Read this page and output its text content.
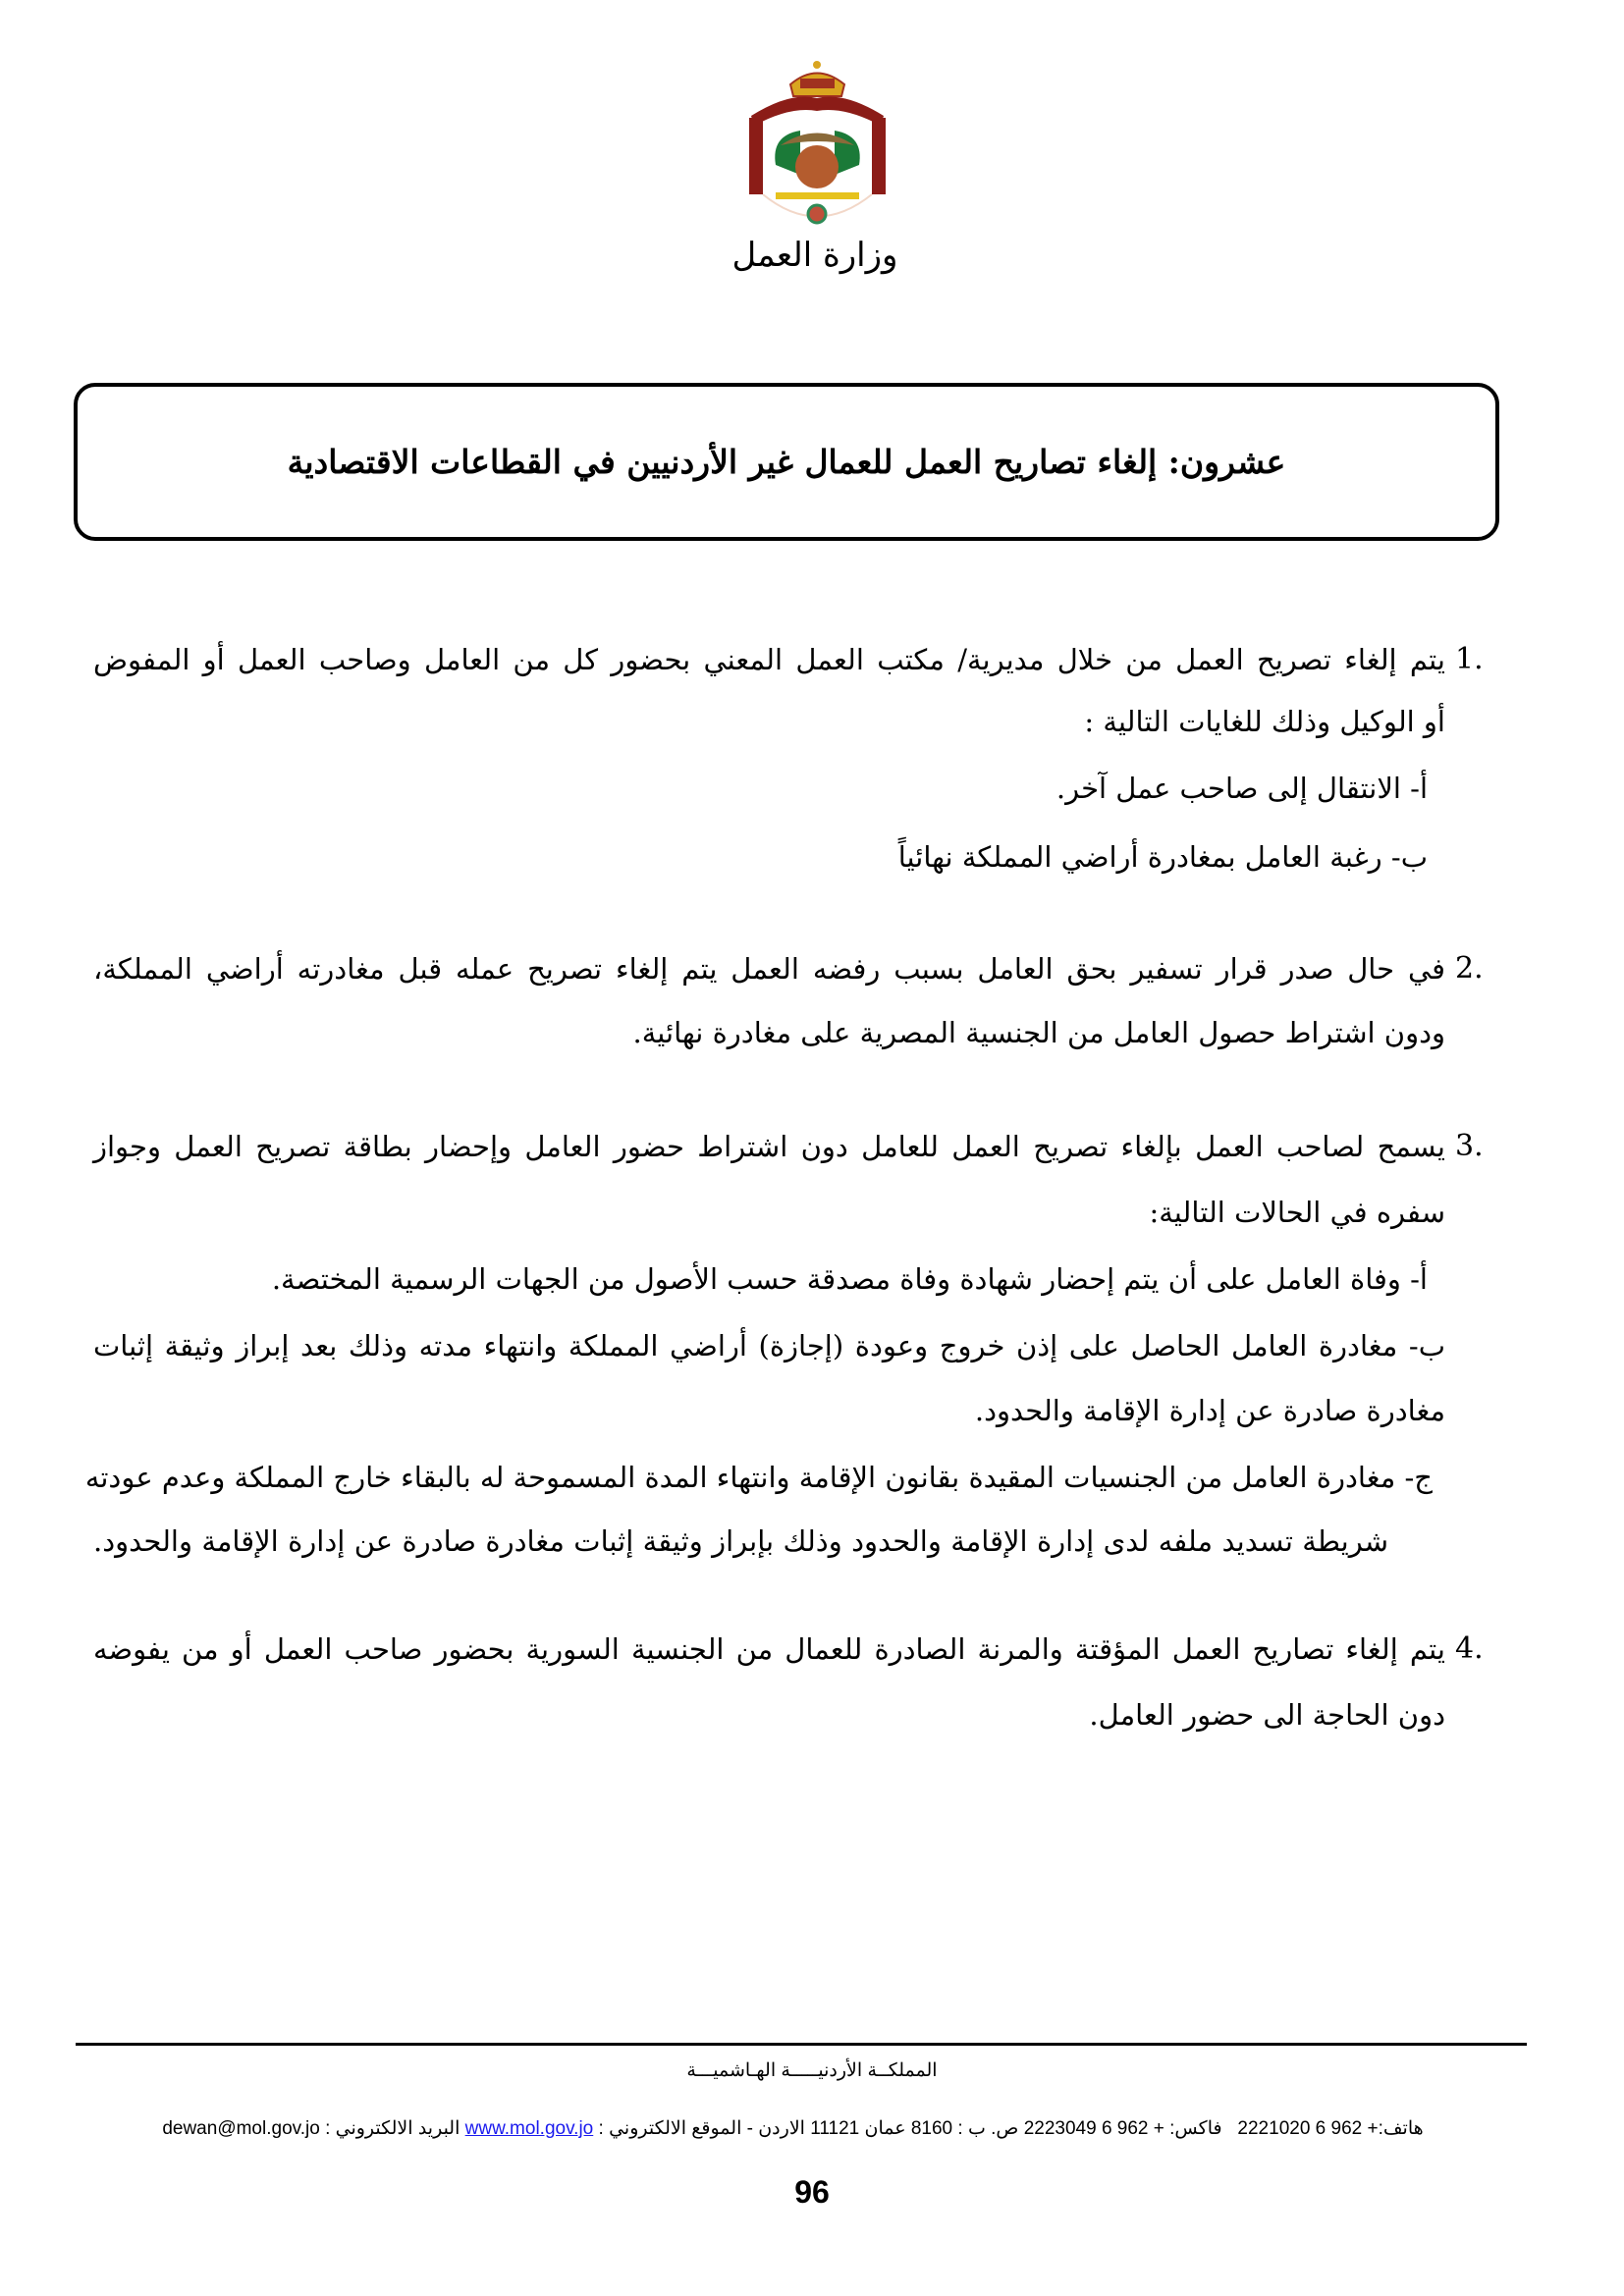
وزارة العمل
عشرون: إلغاء تصاريح العمل للعمال غير الأردنيين في القطاعات الاقتصادية
1.
يتم إلغاء تصريح العمل من خلال مديرية/ مكتب العمل المعني بحضور كل من العامل وصاحب العمل أو المفوض
أو الوكيل وذلك للغايات التالية :
أ- الانتقال إلى صاحب عمل آخر.
ب- رغبة العامل بمغادرة أراضي المملكة نهائياً
2.
في حال صدر قرار تسفير بحق العامل بسبب رفضه العمل يتم إلغاء تصريح عمله قبل مغادرته أراضي المملكة،
ودون اشتراط حصول العامل من الجنسية المصرية على مغادرة نهائية.
3.
يسمح لصاحب العمل بإلغاء تصريح العمل للعامل دون اشتراط حضور العامل وإحضار بطاقة تصريح العمل وجواز
سفره في الحالات التالية:
أ- وفاة العامل على أن يتم إحضار شهادة وفاة مصدقة حسب الأصول من الجهات الرسمية المختصة.
ب- مغادرة العامل الحاصل على إذن خروج وعودة (إجازة) أراضي المملكة وانتهاء مدته وذلك بعد إبراز وثيقة إثبات
مغادرة صادرة عن إدارة الإقامة والحدود.
ج- مغادرة العامل من الجنسيات المقيدة بقانون الإقامة وانتهاء المدة المسموحة له بالبقاء خارج المملكة وعدم عودته
شريطة تسديد ملفه لدى إدارة الإقامة والحدود وذلك بإبراز وثيقة إثبات مغادرة صادرة عن إدارة الإقامة والحدود.
4.
يتم إلغاء تصاريح العمل المؤقتة والمرنة الصادرة للعمال من الجنسية السورية بحضور صاحب العمل أو من يفوضه
دون الحاجة الى حضور العامل.
المملكــة الأردنيـــــة الهـاشميـــة
هاتف:+ 962 6 2221020   فاكس: + 962 6 2223049 ص. ب : 8160 عمان 11121 الاردن - الموقع الالكتروني : www.mol.gov.jo البريد الالكتروني : dewan@mol.gov.jo
96
